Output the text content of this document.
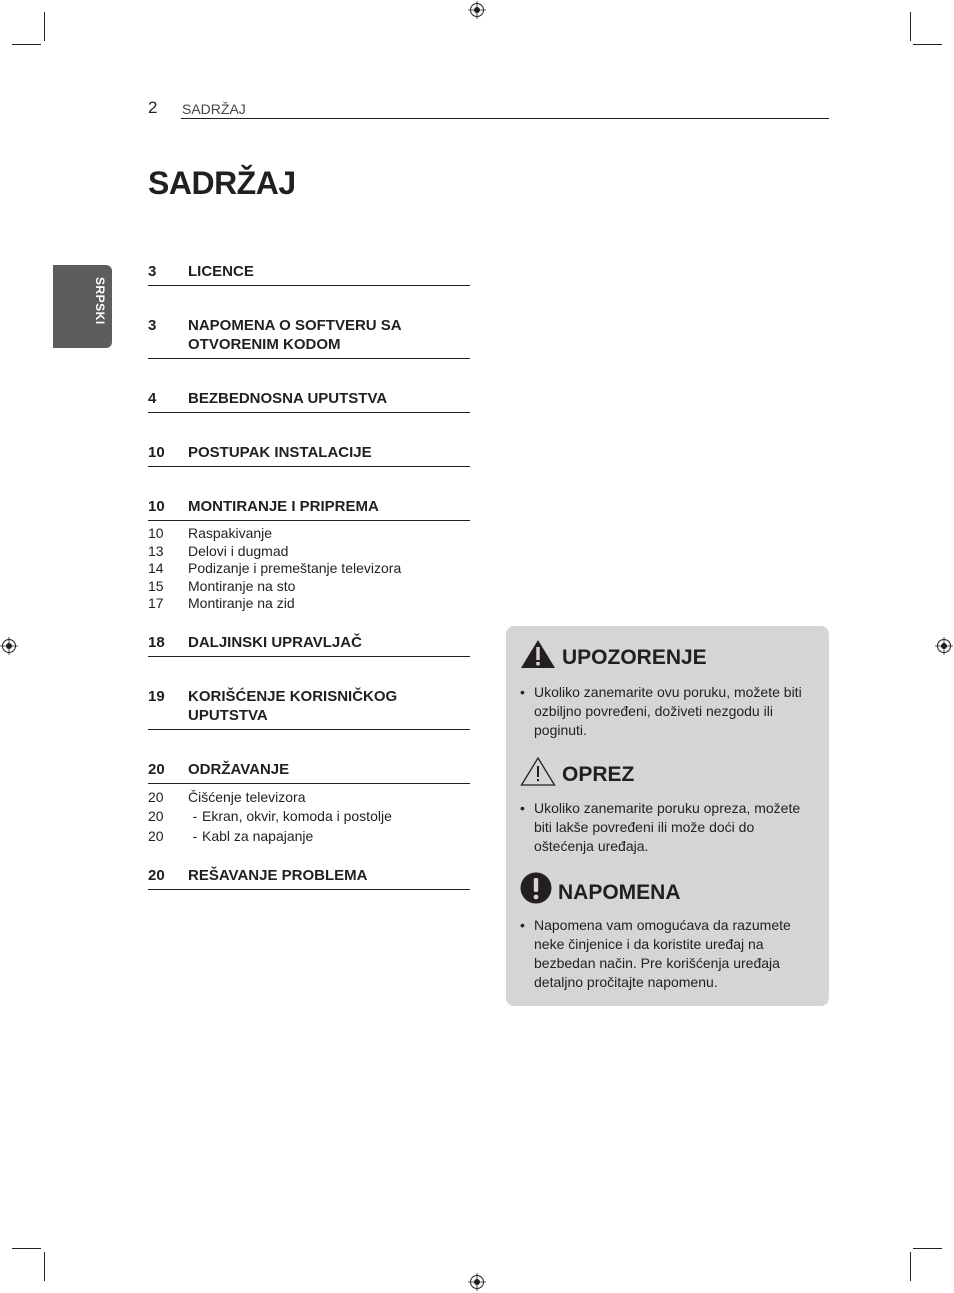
2 SADRŽAJ
SADRŽAJ
SRPSKI
3	LICENCE
3	NAPOMENA O SOFTVERU SA OTVORENIM KODOM
4	BEZBEDNOSNA UPUTSTVA
10	POSTUPAK INSTALACIJE
10	MONTIRANJE I PRIPREMA
10	Raspakivanje
13	Delovi i dugmad
14	Podizanje i premeštanje televizora
15	Montiranje na sto
17	Montiranje na zid
18	DALJINSKI UPRAVLJAČ
19	KORIŠĆENJE KORISNIČKOG UPUTSTVA
20	ODRŽAVANJE
20	Čišćenje televizora
20	- Ekran, okvir, komoda i postolje
20	- Kabl za napajanje
20	REŠAVANJE PROBLEMA
UPOZORENJE
• Ukoliko zanemarite ovu poruku, možete biti ozbiljno povređeni, doživeti nezgodu ili poginuti.
OPREZ
• Ukoliko zanemarite poruku opreza, možete biti lakše povređeni ili može doći do oštećenja uređaja.
NAPOMENA
• Napomena vam omogućava da razumete neke činjenice i da koristite uređaj na bezbedan način. Pre korišćenja uređaja detaljno pročitajte napomenu.
